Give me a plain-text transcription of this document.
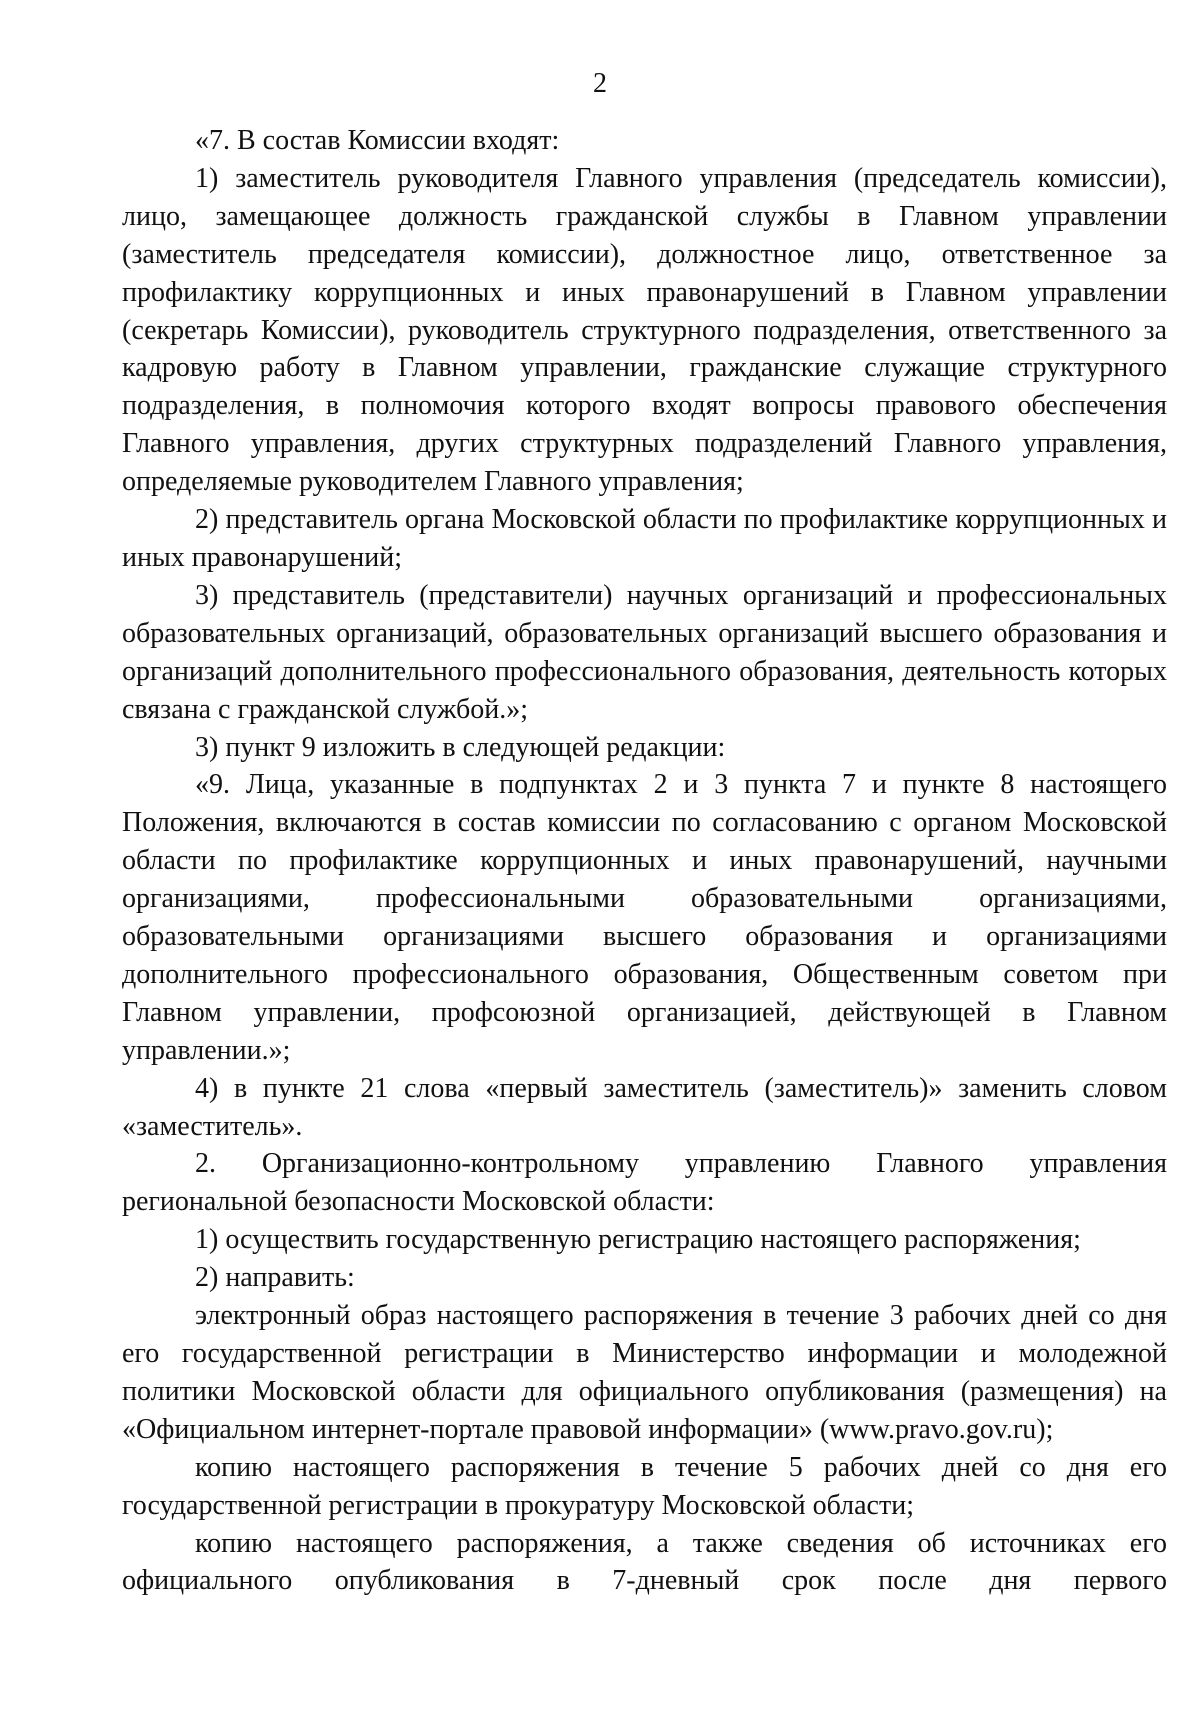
2

«7. В состав Комиссии входят:

1) заместитель руководителя Главного управления (председатель комиссии), лицо, замещающее должность гражданской службы в Главном управлении (заместитель председателя комиссии), должностное лицо, ответственное за профилактику коррупционных и иных правонарушений в Главном управлении (секретарь Комиссии), руководитель структурного подразделения, ответственного за кадровую работу в Главном управлении, гражданские служащие структурного подразделения, в полномочия которого входят вопросы правового обеспечения Главного управления, других структурных подразделений Главного управления, определяемые руководителем Главного управления;

2) представитель органа Московской области по профилактике коррупционных и иных правонарушений;

3) представитель (представители) научных организаций и профессиональных образовательных организаций, образовательных организаций высшего образования и организаций дополнительного профессионального образования, деятельность которых связана с гражданской службой.»;

3) пункт 9 изложить в следующей редакции:

«9. Лица, указанные в подпунктах 2 и 3 пункта 7 и пункте 8 настоящего Положения, включаются в состав комиссии по согласованию с органом Московской области по профилактике коррупционных и иных правонарушений, научными организациями, профессиональными образовательными организациями, образовательными организациями высшего образования и организациями дополнительного профессионального образования, Общественным советом при Главном управлении, профсоюзной организацией, действующей в Главном управлении.»;

4) в пункте 21 слова «первый заместитель (заместитель)» заменить словом «заместитель».

2. Организационно-контрольному управлению Главного управления региональной безопасности Московской области:

1) осуществить государственную регистрацию настоящего распоряжения;

2) направить:

электронный образ настоящего распоряжения в течение 3 рабочих дней со дня его государственной регистрации в Министерство информации и молодежной политики Московской области для официального опубликования (размещения) на «Официальном интернет-портале правовой информации» (www.pravo.gov.ru);

копию настоящего распоряжения в течение 5 рабочих дней со дня его государственной регистрации в прокуратуру Московской области;

копию настоящего распоряжения, а также сведения об источниках его официального опубликования в 7-дневный срок после дня первого
